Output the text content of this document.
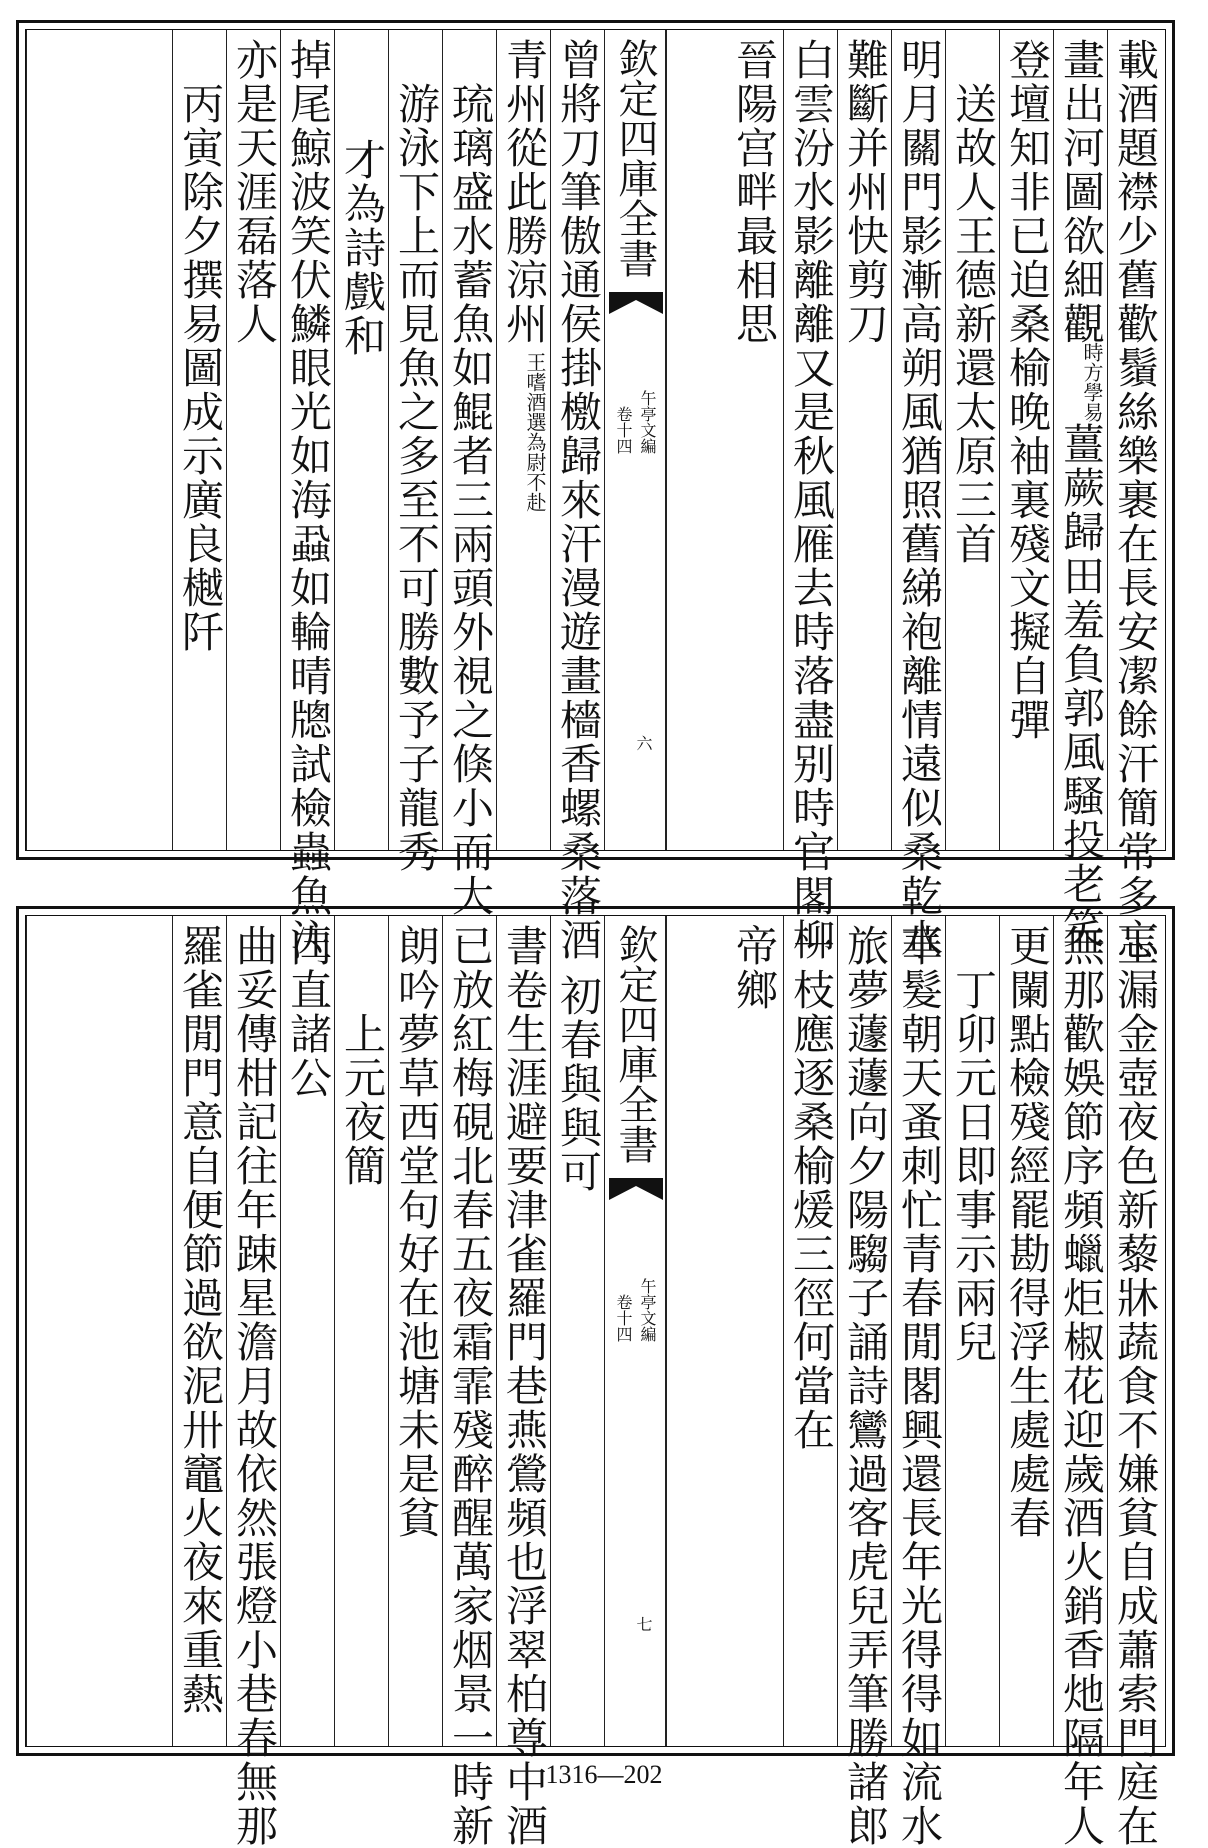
載酒題襟少舊歡鬚絲樂裹在長安㓗餘汗簡常多忘
畫出河圖欲細觀
時方學易
薑蕨歸田羞負郭風騷投老笑
登壇知非已迫桑榆晚袖裏殘文擬自彈
送故人王德新還太原三首
明月關門影漸高朔風猶照舊綈袍離情遠似桑乾水
難斷并州快剪刀
白雲汾水影離離又是秋風雁去時落盡别時官閣柳
晉陽宫畔最相思
欽定四庫全書
午亭文編
卷十四
六
曾將刀筆傲通侯掛檄歸來汗漫遊畫檣香螺桑落酒
青州從此勝涼州
王嗜酒選為尉不赴
琉璃盛水蓄魚如鯤者三兩頭外視之倏小而大
游泳下上而見魚之多至不可勝數予子龍秀
才為詩戲和
掉尾鯨波笑伏鱗眼光如海蝨如輪晴牕試檢蟲魚注
亦是天涯磊落人
丙寅除夕撰易圖成示廣良樾阡
玉漏金壺夜色新藜牀蔬食不嫌貧自成蕭索門庭在
無那歡娛節序頻蠟炬椒花迎歲酒火銷香灺隔年人
更闌點檢殘經罷勘得浮生處處春
丁卯元日即事示兩兒
華髮朝天蚤刺忙青春閒閣興還長年光得得如流水
旅夢蘧蘧向夕陽騶子誦詩鸞過客虎兒弄筆勝諸郎
一枝應逐桑榆煖三徑何當在
帝鄉
欽定四庫全書
午亭文編
卷十四
七
初春與與可
書卷生涯避要津雀羅門巷燕鶯頻也浮翠柏尊中酒
已放紅梅硯北春五夜霜霏殘醉醒萬家烟景一時新
朗吟夢草西堂句好在池塘未是貧
上元夜簡
内直諸公
曲妥傳柑記往年踈星澹月故依然張燈小巷春無那
羅雀閒門意自便節過欲泥卅竈火夜來重爇
1316—202
